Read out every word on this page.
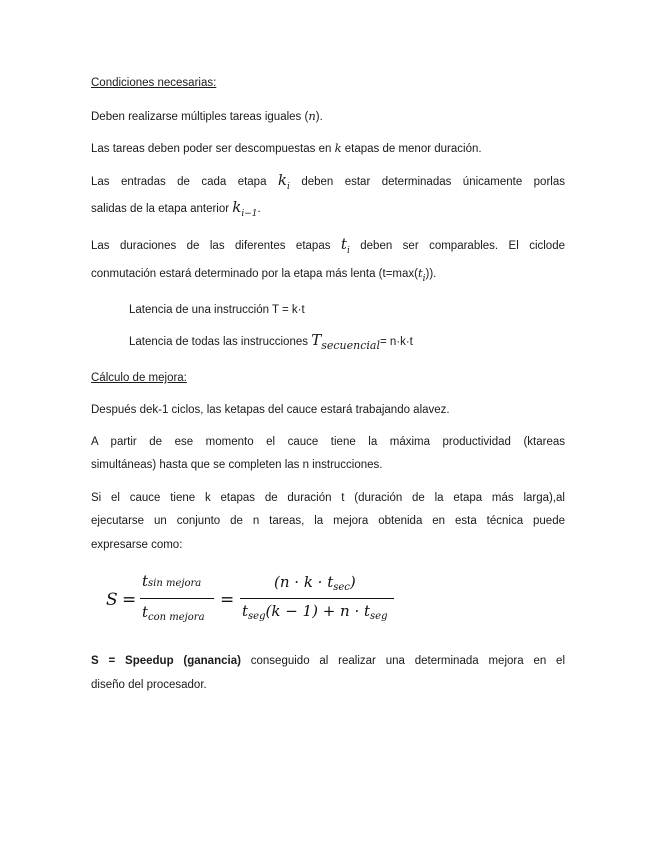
Condiciones necesarias:
Deben realizarse múltiples tareas iguales (n).
Las tareas deben poder ser descompuestas en k etapas de menor duración.
Las entradas de cada etapa $k_i$ deben estar determinadas únicamente porlas
salidas de la etapa anterior $k_{i-1}$.
Las duraciones de las diferentes etapas $t_i$ deben ser comparables. El ciclode
conmutación estará determinado por la etapa más lenta $(t=\max(t_i))$.
Latencia de una instrucción T = k·t
Latencia de todas las instrucciones $T_{secuencial}= n\cdot k\cdot t$
Cálculo de mejora:
Después dek-1 ciclos, las ketapas del cauce estará trabajando alavez.
A partir de ese momento el cauce tiene la máxima productividad (ktareas
simultáneas) hasta que se completen las n instrucciones.
Si el cauce tiene k etapas de duración t (duración de la etapa más larga),al
ejecutarse un conjunto de n tareas, la mejora obtenida en esta técnica puede
expresarse como:
S =
tsin mejora
$t_{con mejora}$
=
$(n \cdot k \cdot t_{sec})$
$t_{seg}(k - 1) + n \cdot t_{seg}$
S = Speedup (ganancia) conseguido al realizar una determinada mejora en el
diseño del procesador.
